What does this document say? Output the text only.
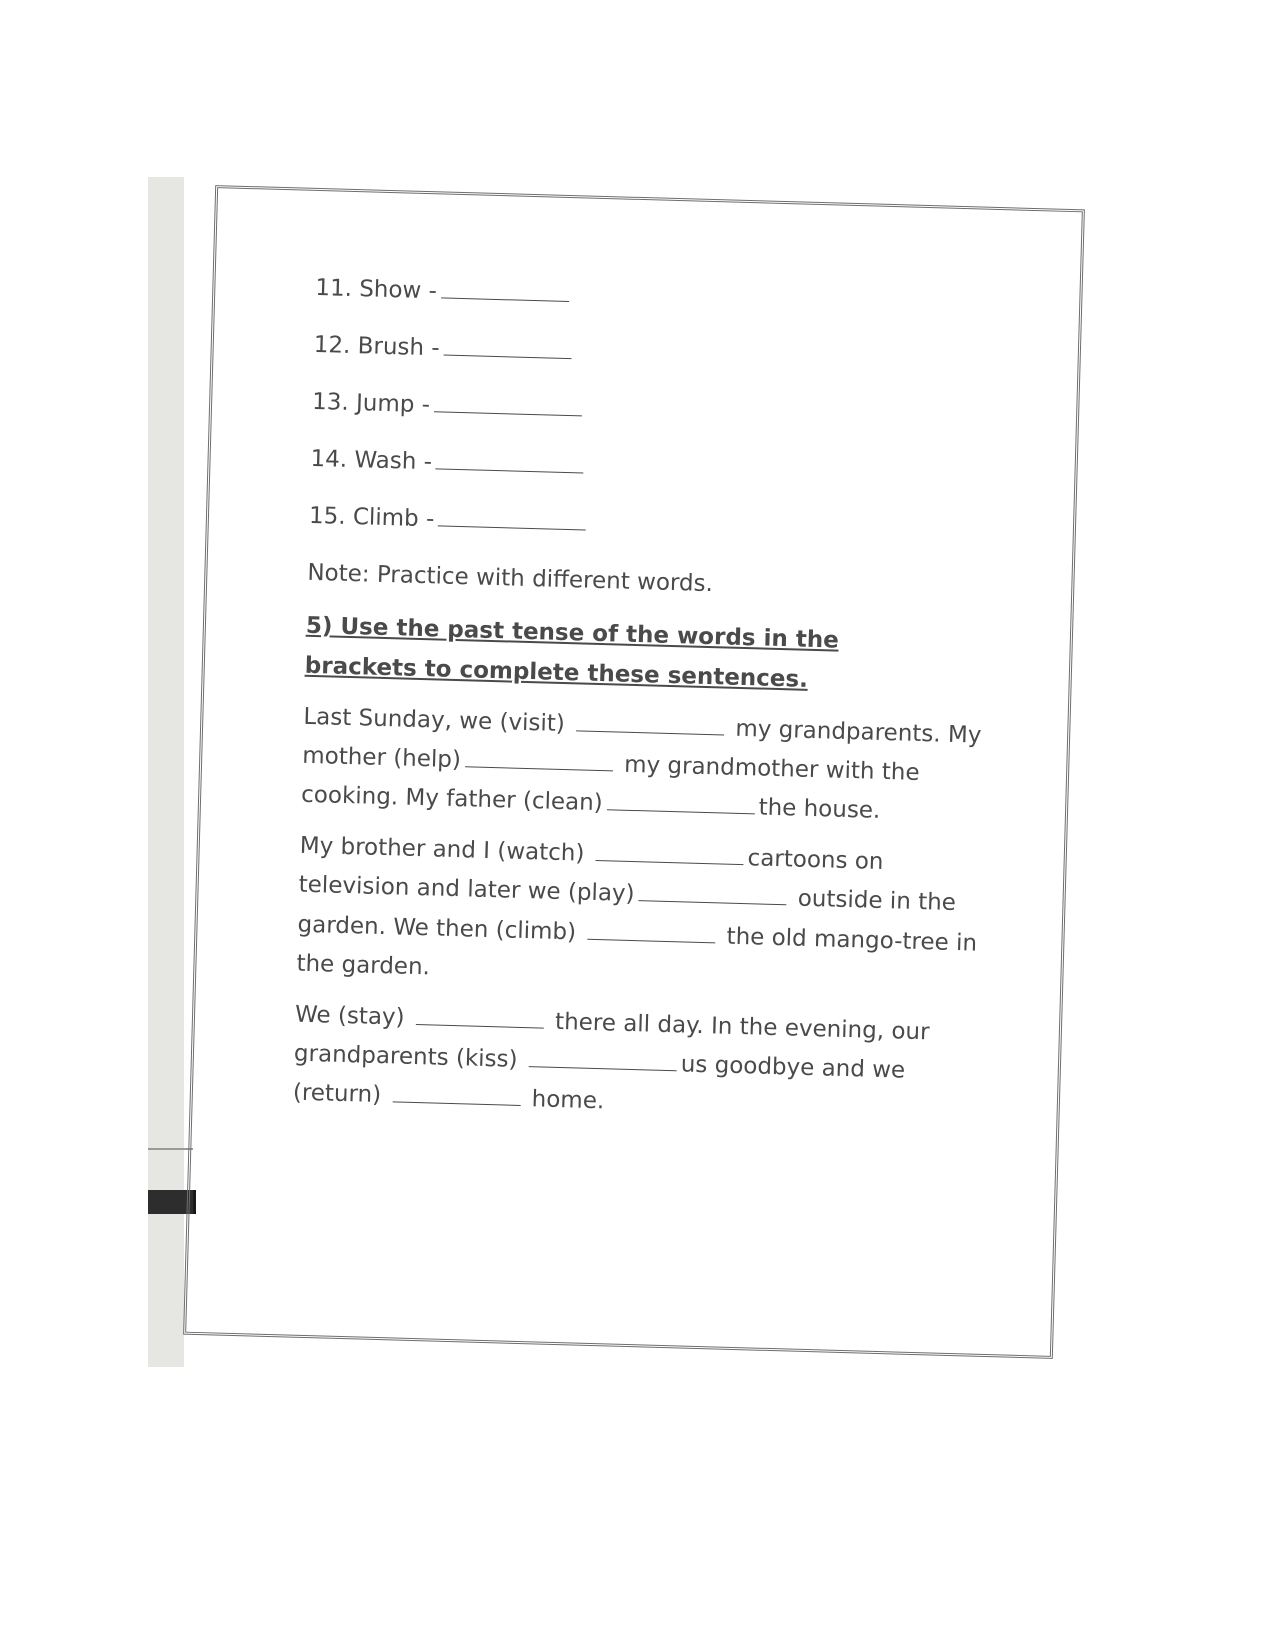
11. Show -
12. Brush -
13. Jump -
14. Wash -
15. Climb -
Note: Practice with different words.
5) Use the past tense of the words in the brackets to complete these sentences.
Last Sunday, we (visit)	my grandparents. My mother (help)	my grandmother with the cooking. My father (clean)	the house.
My brother and I (watch)	cartoons on television and later we (play)	outside in the garden. We then (climb)	the old mango-tree in the garden.
We (stay)	there all day. In the evening, our grandparents (kiss)	us goodbye and we (return)	home.
